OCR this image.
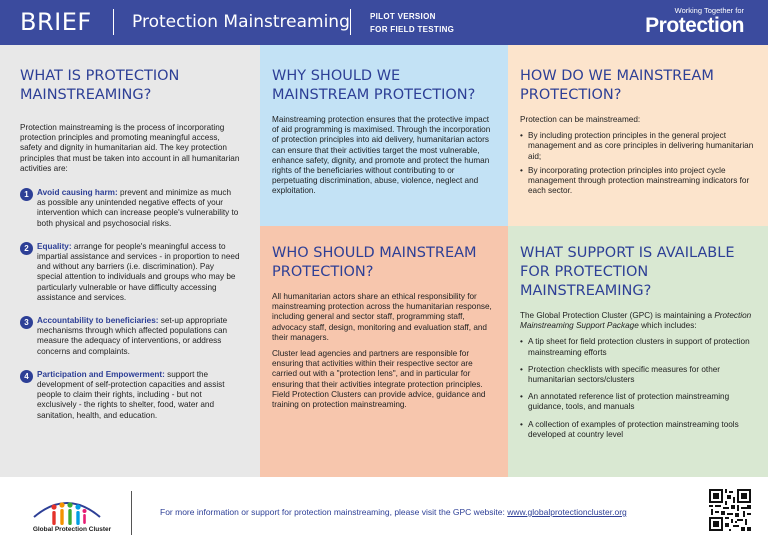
BRIEF Protection Mainstreaming	PILOT VERSION
FOR FIELD TESTING
Working Together for
Protection
WHAT IS PROTECTION MAINSTREAMING?

Protection mainstreaming is the process of incorporating protection principles and promoting meaningful access, safety and dignity in humanitarian aid. The key protection principles that must be taken into account in all humanitarian activities are:

1	Avoid causing harm: prevent and minimize as much as possible any unintended negative effects of your intervention which can increase people's vulnerability to both physical and psychosocial risks.
2	Equality: arrange for people's meaningful access to impartial assistance and services - in proportion to need and without any barriers (i.e. discrimination). Pay special attention to individuals and groups who may be particularly vulnerable or have difficulty accessing assistance and services.
3	Accountability to beneficiaries: set-up appropriate mechanisms through which affected populations can measure the adequacy of interventions, or address concerns and complaints.
4	Participation and Empowerment: support the development of self-protection capacities and assist people to claim their rights, including - but not exclusively - the rights to shelter, food, water and sanitation, health, and education.
WHY SHOULD WE MAINSTREAM PROTECTION?

Mainstreaming protection ensures that the protective impact of aid programming is maximised. Through the incorporation of protection principles into aid delivery, humanitarian actors can ensure that their activities target the most vulnerable, enhance safety, dignity, and promote and protect the human rights of the beneficiaries without contributing to or perpetuating discrimination, abuse, violence, neglect and exploitation.

HOW DO WE MAINSTREAM PROTECTION?

Protection can be mainstreamed:

• By including protection principles in the general project management and as core principles in delivering humanitarian aid;
• By incorporating protection principles into project cycle management through protection mainstreaming indicators for each sector.
WHO SHOULD MAINSTREAM PROTECTION?

All humanitarian actors share an ethical responsibility for mainstreaming protection across the humanitarian response, including general and sector staff, programming staff, advocacy staff, design, monitoring and evaluation staff, and their managers.

Cluster lead agencies and partners are responsible for ensuring that activities within their respective sector are carried out with a "protection lens", and in particular for ensuring that their activities integrate protection principles. Field Protection Clusters can provide advice, guidance and training on protection mainstreaming.

WHAT SUPPORT IS AVAILABLE FOR PROTECTION MAINSTREAMING?

The Global Protection Cluster (GPC) is maintaining a Protection Mainstreaming Support Package which includes:

• A tip sheet for field protection clusters in support of protection mainstreaming efforts
• Protection checklists with specific measures for other humanitarian sectors/clusters
• An annotated reference list of protection mainstreaming guidance, tools, and manuals
• A collection of examples of protection mainstreaming tools developed at country level
Global Protection Cluster
For more information or support for protection mainstreaming, please visit the GPC website: www.globalprotectioncluster.org
